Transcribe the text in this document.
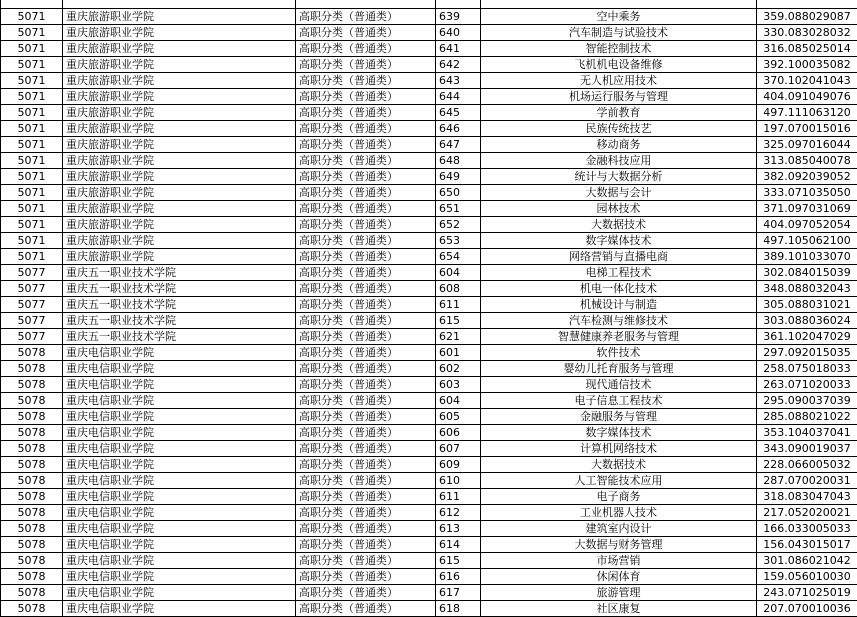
5071	重庆旅游职业学院	高职分类（普通类）	639	空中乘务	359.088029087
5071	重庆旅游职业学院	高职分类（普通类）	640	汽车制造与试验技术	330.083028032
5071	重庆旅游职业学院	高职分类（普通类）	641	智能控制技术	316.085025014
5071	重庆旅游职业学院	高职分类（普通类）	642	飞机机电设备维修	392.100035082
5071	重庆旅游职业学院	高职分类（普通类）	643	无人机应用技术	370.102041043
5071	重庆旅游职业学院	高职分类（普通类）	644	机场运行服务与管理	404.091049076
5071	重庆旅游职业学院	高职分类（普通类）	645	学前教育	497.111063120
5071	重庆旅游职业学院	高职分类（普通类）	646	民族传统技艺	197.070015016
5071	重庆旅游职业学院	高职分类（普通类）	647	移动商务	325.097016044
5071	重庆旅游职业学院	高职分类（普通类）	648	金融科技应用	313.085040078
5071	重庆旅游职业学院	高职分类（普通类）	649	统计与大数据分析	382.092039052
5071	重庆旅游职业学院	高职分类（普通类）	650	大数据与会计	333.071035050
5071	重庆旅游职业学院	高职分类（普通类）	651	园林技术	371.097031069
5071	重庆旅游职业学院	高职分类（普通类）	652	大数据技术	404.097052054
5071	重庆旅游职业学院	高职分类（普通类）	653	数字媒体技术	497.105062100
5071	重庆旅游职业学院	高职分类（普通类）	654	网络营销与直播电商	389.101033070
5077	重庆五一职业技术学院	高职分类（普通类）	604	电梯工程技术	302.084015039
5077	重庆五一职业技术学院	高职分类（普通类）	608	机电一体化技术	348.088032043
5077	重庆五一职业技术学院	高职分类（普通类）	611	机械设计与制造	305.088031021
5077	重庆五一职业技术学院	高职分类（普通类）	615	汽车检测与维修技术	303.088036024
5077	重庆五一职业技术学院	高职分类（普通类）	621	智慧健康养老服务与管理	361.102047029
5078	重庆电信职业学院	高职分类（普通类）	601	软件技术	297.092015035
5078	重庆电信职业学院	高职分类（普通类）	602	婴幼儿托育服务与管理	258.075018033
5078	重庆电信职业学院	高职分类（普通类）	603	现代通信技术	263.071020033
5078	重庆电信职业学院	高职分类（普通类）	604	电子信息工程技术	295.090037039
5078	重庆电信职业学院	高职分类（普通类）	605	金融服务与管理	285.088021022
5078	重庆电信职业学院	高职分类（普通类）	606	数字媒体技术	353.104037041
5078	重庆电信职业学院	高职分类（普通类）	607	计算机网络技术	343.090019037
5078	重庆电信职业学院	高职分类（普通类）	609	大数据技术	228.066005032
5078	重庆电信职业学院	高职分类（普通类）	610	人工智能技术应用	287.070020031
5078	重庆电信职业学院	高职分类（普通类）	611	电子商务	318.083047043
5078	重庆电信职业学院	高职分类（普通类）	612	工业机器人技术	217.052020021
5078	重庆电信职业学院	高职分类（普通类）	613	建筑室内设计	166.033005033
5078	重庆电信职业学院	高职分类（普通类）	614	大数据与财务管理	156.043015017
5078	重庆电信职业学院	高职分类（普通类）	615	市场营销	301.086021042
5078	重庆电信职业学院	高职分类（普通类）	616	休闲体育	159.056010030
5078	重庆电信职业学院	高职分类（普通类）	617	旅游管理	243.071025019
5078	重庆电信职业学院	高职分类（普通类）	618	社区康复	207.070010036
